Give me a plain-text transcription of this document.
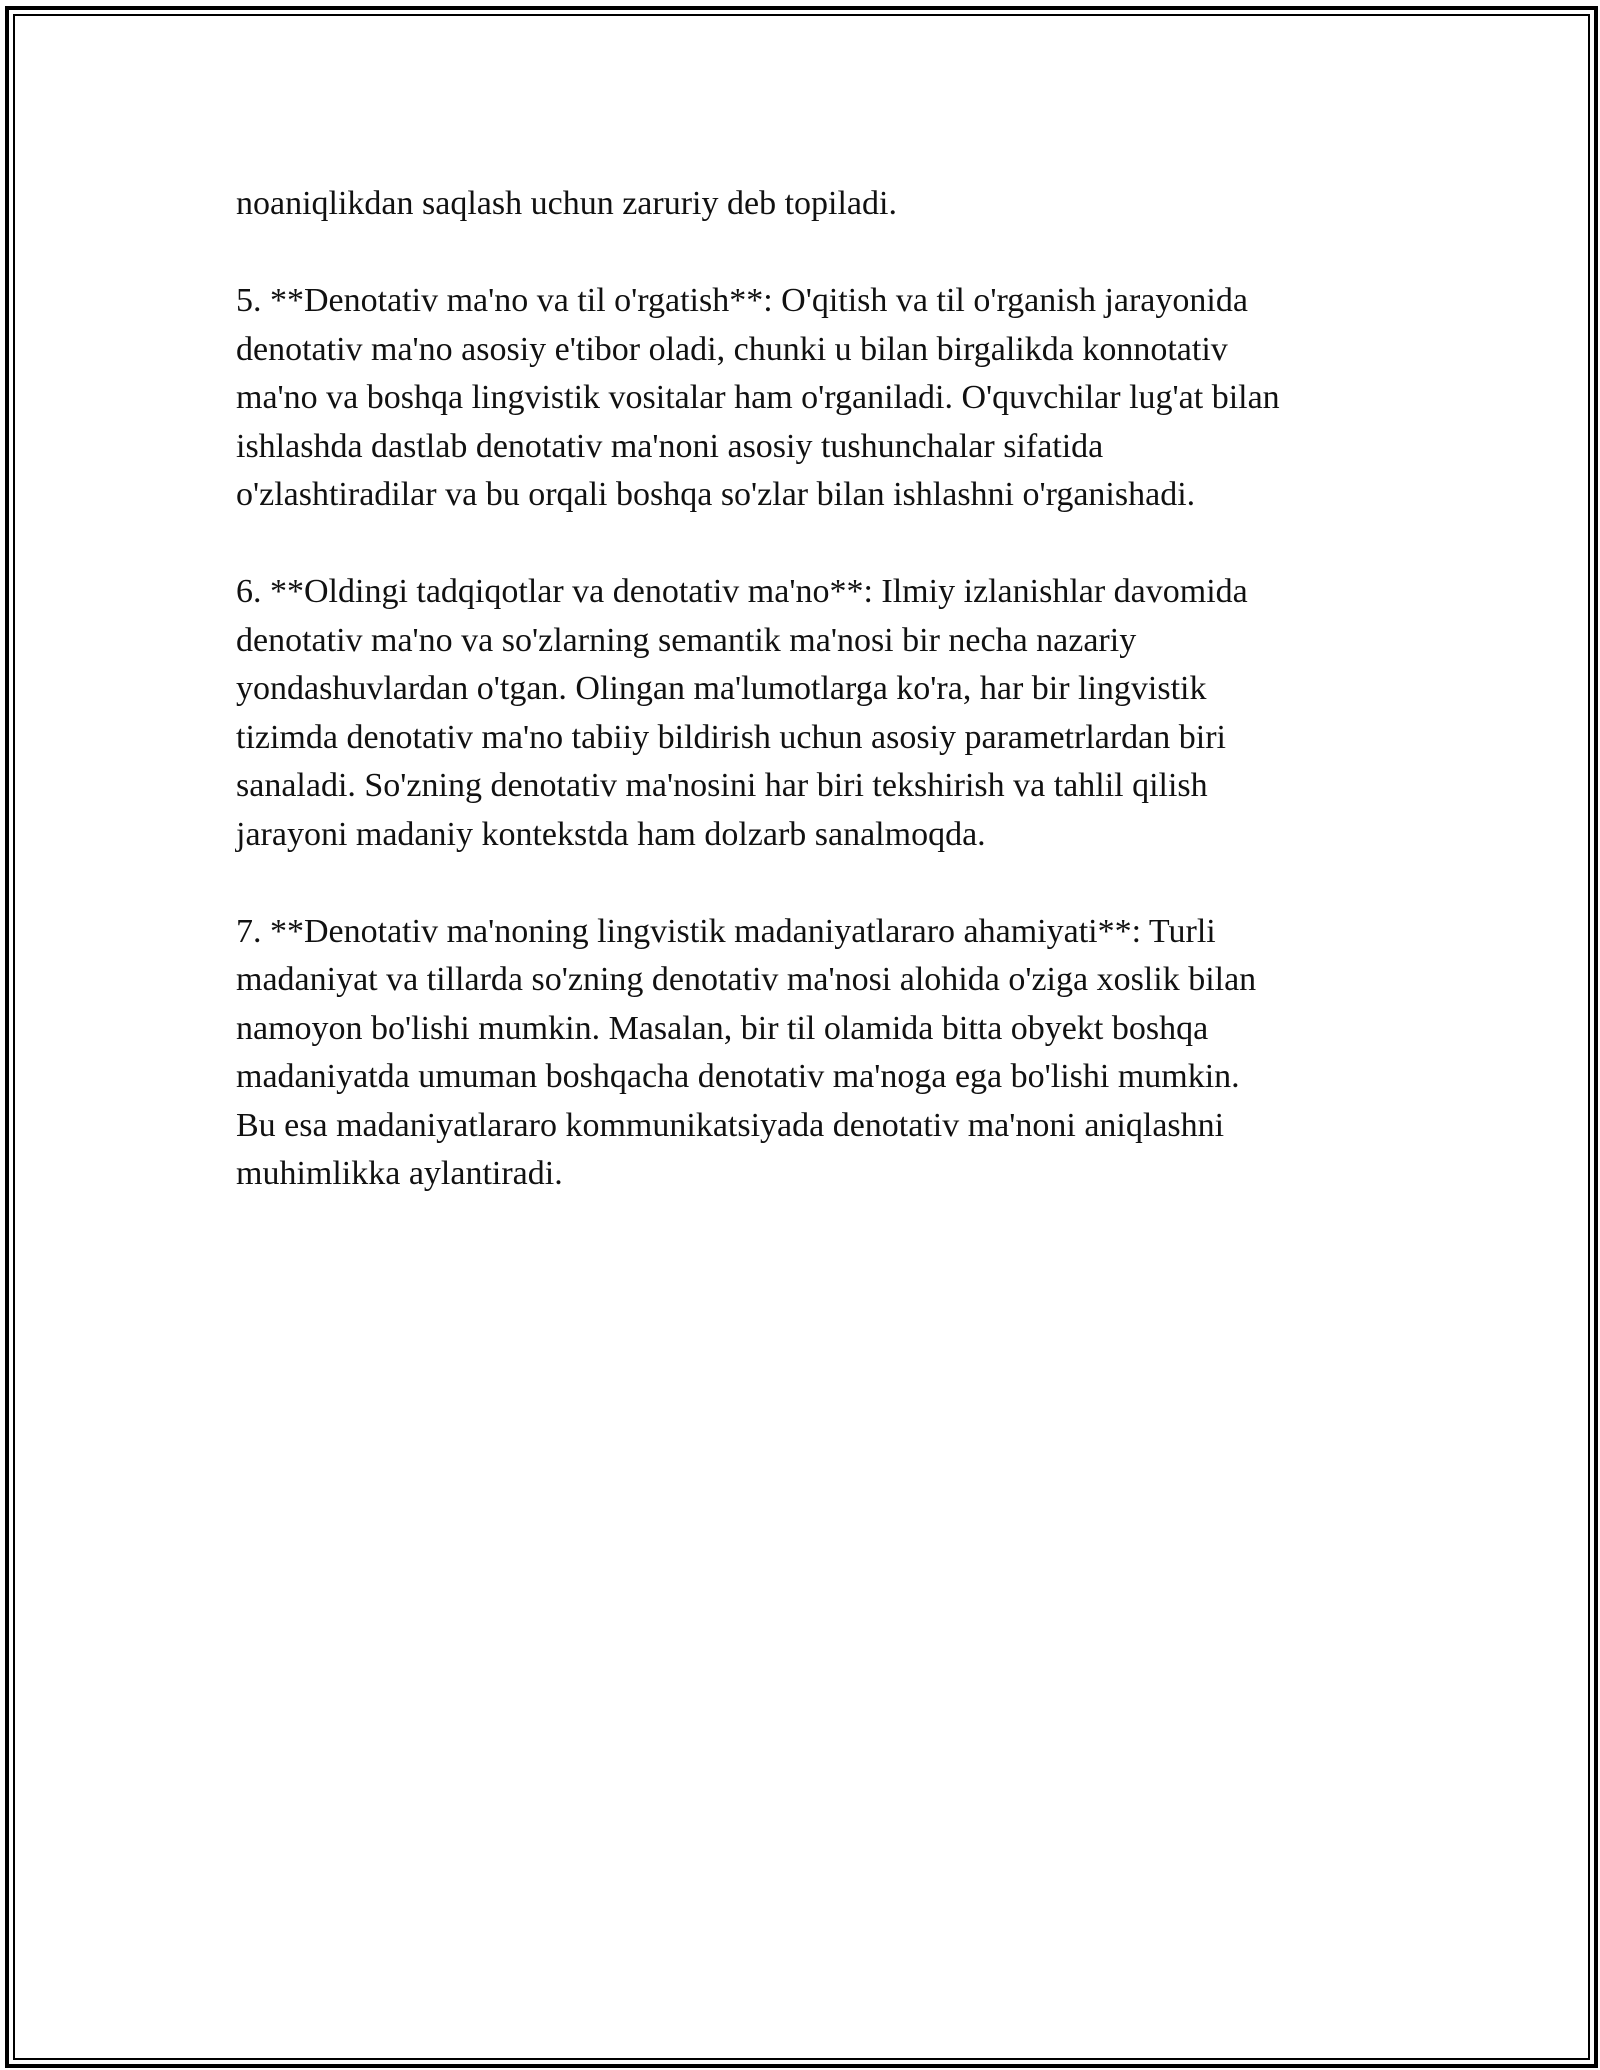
noaniqlikdan saqlash uchun zaruriy deb topiladi.

5. **Denotativ ma'no va til o'rgatish**: O'qitish va til o'rganish jarayonida
denotativ ma'no asosiy e'tibor oladi, chunki u bilan birgalikda konnotativ
ma'no va boshqa lingvistik vositalar ham o'rganiladi. O'quvchilar lug'at bilan
ishlashda dastlab denotativ ma'noni asosiy tushunchalar sifatida
o'zlashtiradilar va bu orqali boshqa so'zlar bilan ishlashni o'rganishadi.

6. **Oldingi tadqiqotlar va denotativ ma'no**: Ilmiy izlanishlar davomida
denotativ ma'no va so'zlarning semantik ma'nosi bir necha nazariy
yondashuvlardan o'tgan. Olingan ma'lumotlarga ko'ra, har bir lingvistik
tizimda denotativ ma'no tabiiy bildirish uchun asosiy parametrlardan biri
sanaladi. So'zning denotativ ma'nosini har biri tekshirish va tahlil qilish
jarayoni madaniy kontekstda ham dolzarb sanalmoqda.

7. **Denotativ ma'noning lingvistik madaniyatlararo ahamiyati**: Turli
madaniyat va tillarda so'zning denotativ ma'nosi alohida o'ziga xoslik bilan
namoyon bo'lishi mumkin. Masalan, bir til olamida bitta obyekt boshqa
madaniyatda umuman boshqacha denotativ ma'noga ega bo'lishi mumkin.
Bu esa madaniyatlararo kommunikatsiyada denotativ ma'noni aniqlashni
muhimlikka aylantiradi.
